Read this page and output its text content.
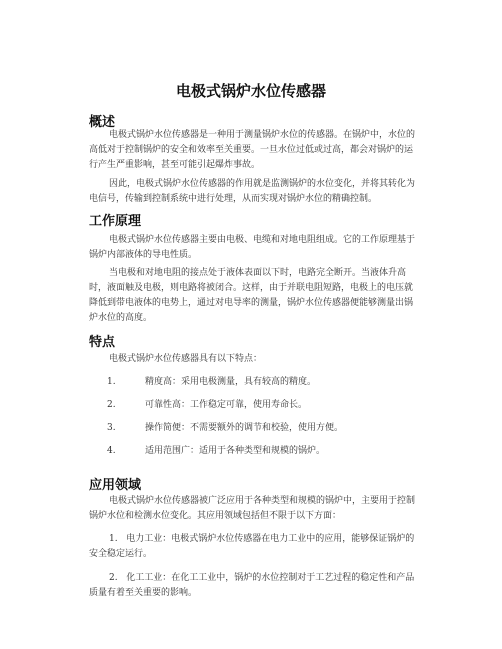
电极式锅炉水位传感器
概述
电极式锅炉水位传感器是一种用于测量锅炉水位的传感器。在锅炉中，水位的高低对于控制锅炉的安全和效率至关重要。一旦水位过低或过高，都会对锅炉的运行产生严重影响，甚至可能引起爆炸事故。
因此，电极式锅炉水位传感器的作用就是监测锅炉的水位变化，并将其转化为电信号，传输到控制系统中进行处理，从而实现对锅炉水位的精确控制。
工作原理
电极式锅炉水位传感器主要由电极、电缆和对地电阻组成。它的工作原理基于锅炉内部液体的导电性质。
当电极和对地电阻的接点处于液体表面以下时，电路完全断开。当液体升高时，液面触及电极，则电路将被闭合。这样，由于并联电阻短路，电极上的电压就降低到带电液体的电势上，通过对电导率的测量，锅炉水位传感器便能够测量出锅炉水位的高度。
特点
电极式锅炉水位传感器具有以下特点：
1.	精度高：采用电极测量，具有较高的精度。
2.	可靠性高：工作稳定可靠，使用寿命长。
3.	操作简便：不需要额外的调节和校验，使用方便。
4.	适用范围广：适用于各种类型和规模的锅炉。
应用领域
电极式锅炉水位传感器被广泛应用于各种类型和规模的锅炉中，主要用于控制锅炉水位和检测水位变化。其应用领域包括但不限于以下方面：
1. 电力工业：电极式锅炉水位传感器在电力工业中的应用，能够保证锅炉的安全稳定运行。
2. 化工工业：在化工工业中，锅炉的水位控制对于工艺过程的稳定性和产品质量有着至关重要的影响。
